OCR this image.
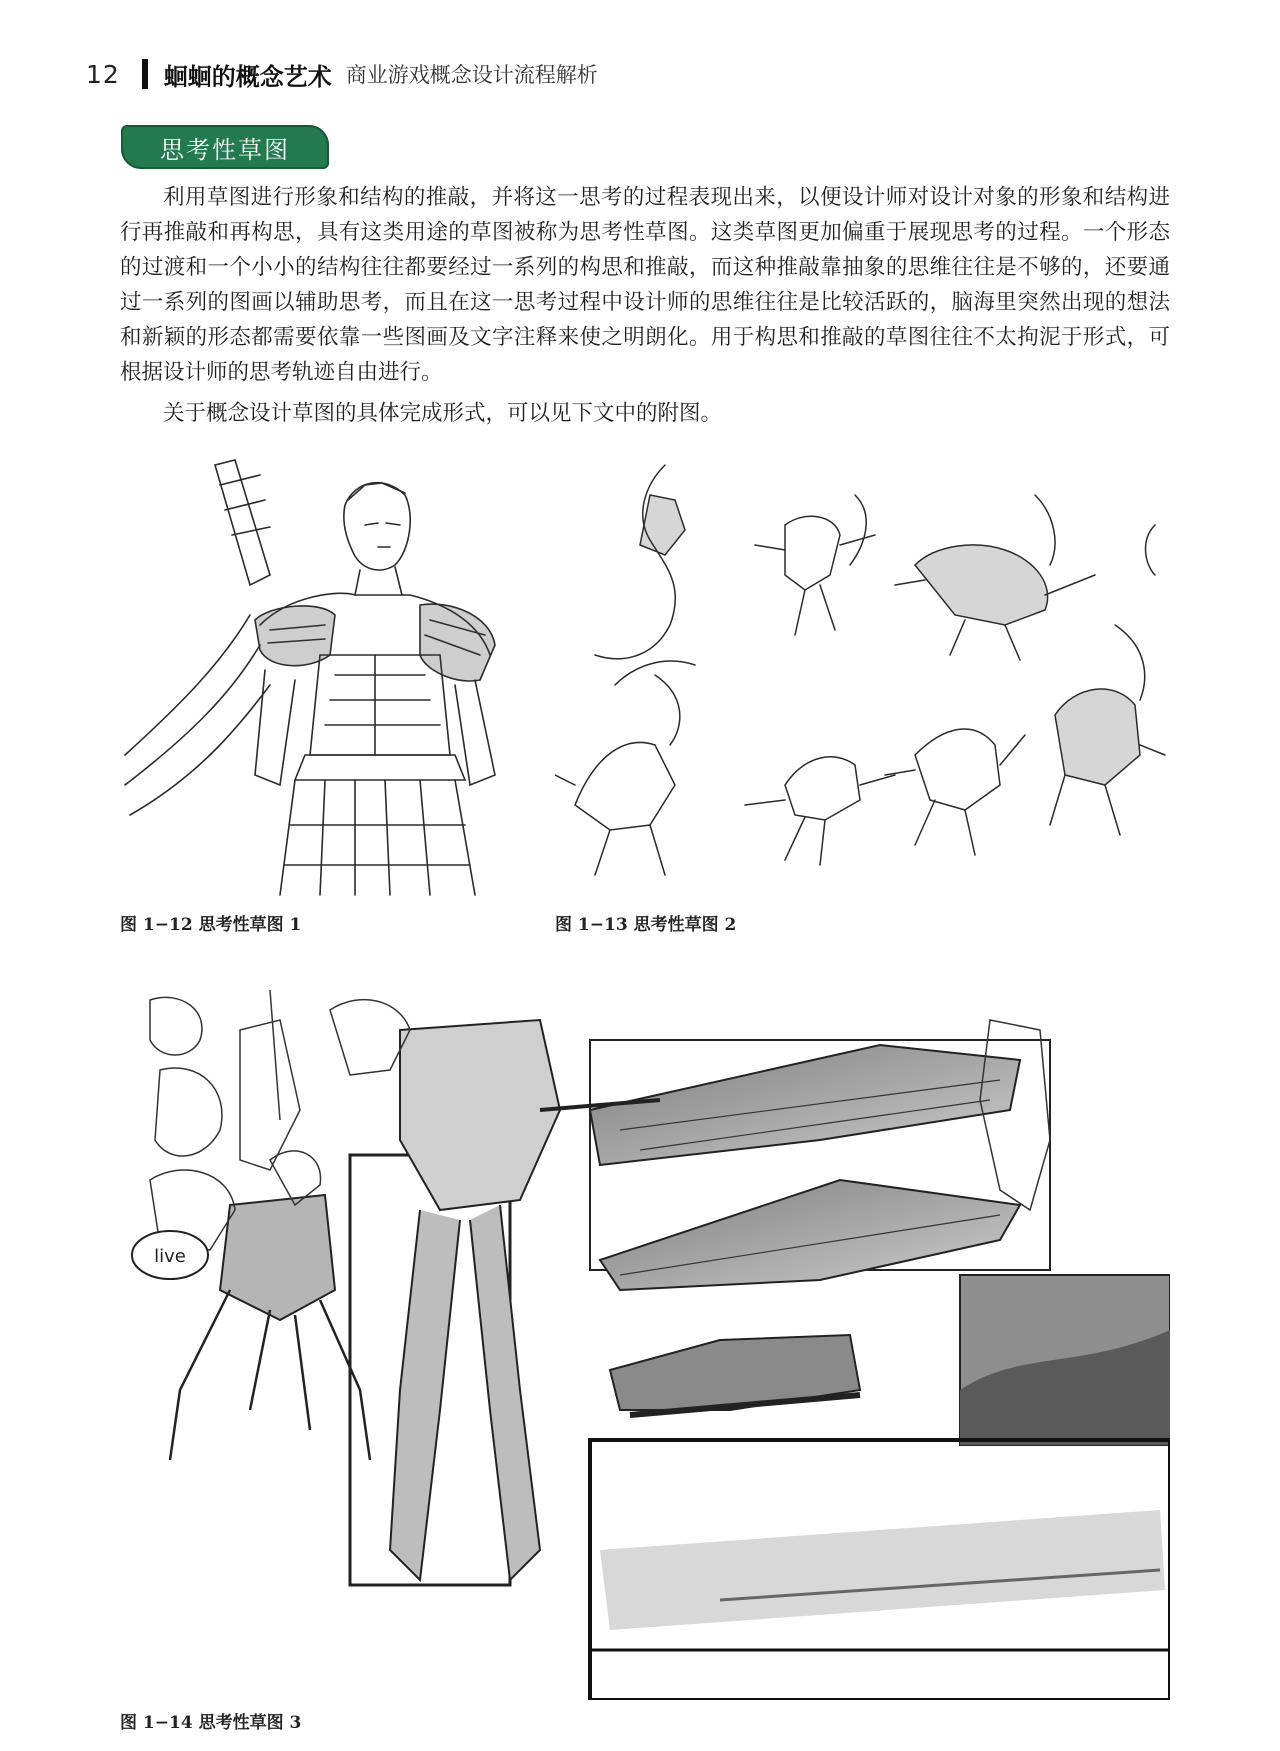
12 蛔蛔的概念艺术 商业游戏概念设计流程解析
思考性草图

利用草图进行形象和结构的推敲，并将这一思考的过程表现出来，以便设计师对设计对象的形象和结构进行再推敲和再构思，具有这类用途的草图被称为思考性草图。这类草图更加偏重于展现思考的过程。一个形态的过渡和一个小小的结构往往都要经过一系列的构思和推敲，而这种推敲靠抽象的思维往往是不够的，还要通过一系列的图画以辅助思考，而且在这一思考过程中设计师的思维往往是比较活跃的，脑海里突然出现的想法和新颖的形态都需要依靠一些图画及文字注释来使之明朗化。用于构思和推敲的草图往往不太拘泥于形式，可根据设计师的思考轨迹自由进行。

关于概念设计草图的具体完成形式，可以见下文中的附图。

图 1−12 思考性草图 1	图 1−13 思考性草图 2
live
图 1−14 思考性草图 3
